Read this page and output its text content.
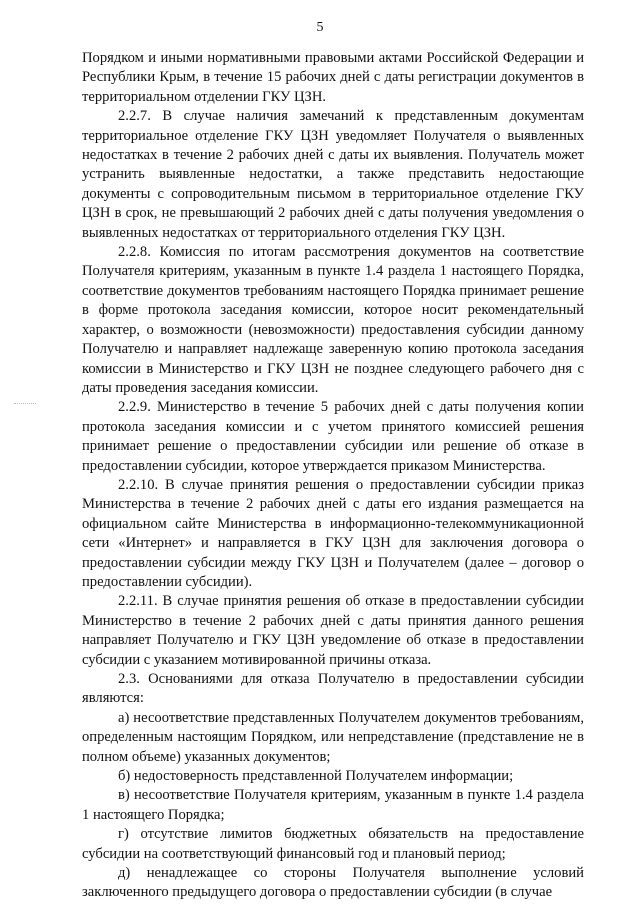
5

Порядком и иными нормативными правовыми актами Российской Федерации и Республики Крым, в течение 15 рабочих дней с даты регистрации документов в территориальном отделении ГКУ ЦЗН.

2.2.7. В случае наличия замечаний к представленным документам территориальное отделение ГКУ ЦЗН уведомляет Получателя о выявленных недостатках в течение 2 рабочих дней с даты их выявления. Получатель может устранить выявленные недостатки, а также представить недостающие документы с сопроводительным письмом в территориальное отделение ГКУ ЦЗН в срок, не превышающий 2 рабочих дней с даты получения уведомления о выявленных недостатках от территориального отделения ГКУ ЦЗН.

2.2.8. Комиссия по итогам рассмотрения документов на соответствие Получателя критериям, указанным в пункте 1.4 раздела 1 настоящего Порядка, соответствие документов требованиям настоящего Порядка принимает решение в форме протокола заседания комиссии, которое носит рекомендательный характер, о возможности (невозможности) предоставления субсидии данному Получателю и направляет надлежаще заверенную копию протокола заседания комиссии в Министерство и ГКУ ЦЗН не позднее следующего рабочего дня с даты проведения заседания комиссии.

2.2.9. Министерство в течение 5 рабочих дней с даты получения копии протокола заседания комиссии и с учетом принятого комиссией решения принимает решение о предоставлении субсидии или решение об отказе в предоставлении субсидии, которое утверждается приказом Министерства.

2.2.10. В случае принятия решения о предоставлении субсидии приказ Министерства в течение 2 рабочих дней с даты его издания размещается на официальном сайте Министерства в информационно-телекоммуникационной сети «Интернет» и направляется в ГКУ ЦЗН для заключения договора о предоставлении субсидии между ГКУ ЦЗН и Получателем (далее – договор о предоставлении субсидии).

2.2.11. В случае принятия решения об отказе в предоставлении субсидии Министерство в течение 2 рабочих дней с даты принятия данного решения направляет Получателю и ГКУ ЦЗН уведомление об отказе в предоставлении субсидии с указанием мотивированной причины отказа.

2.3. Основаниями для отказа Получателю в предоставлении субсидии являются:

а) несоответствие представленных Получателем документов требованиям, определенным настоящим Порядком, или непредставление (представление не в полном объеме) указанных документов;

б) недостоверность представленной Получателем информации;

в) несоответствие Получателя критериям, указанным в пункте 1.4 раздела 1 настоящего Порядка;

г) отсутствие лимитов бюджетных обязательств на предоставление субсидии на соответствующий финансовый год и плановый период;

д) ненадлежащее со стороны Получателя выполнение условий заключенного предыдущего договора о предоставлении субсидии (в случае
